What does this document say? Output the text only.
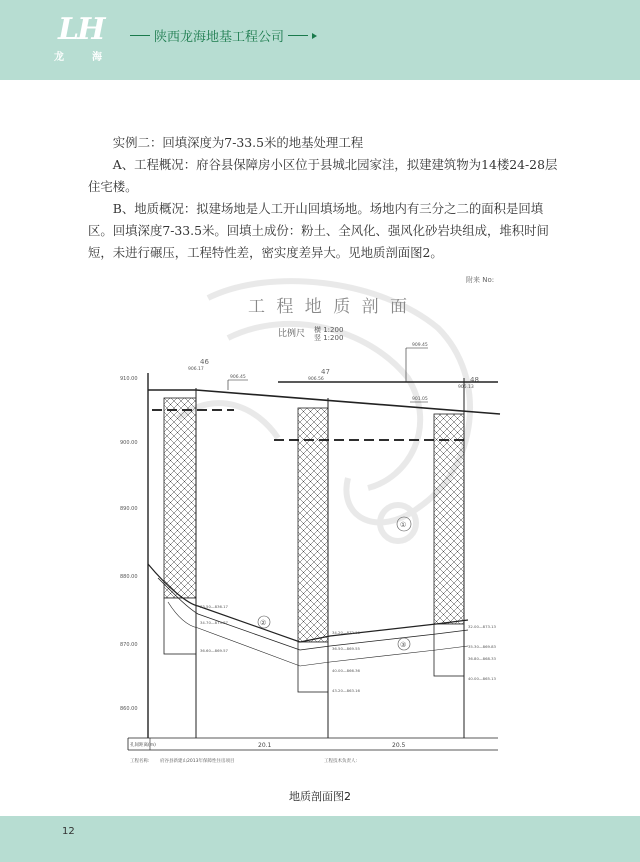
LH
龙	海
陕西龙海地基工程公司

实例二：回填深度为7-33.5米的地基处理工程

A、工程概况：府谷县保障房小区位于县城北园家洼，拟建建筑物为14楼24-28层住宅楼。

B、地质概况：拟建场地是人工开山回填场地。场地内有三分之二的面积是回填区。回填深度7-33.5米。回填土成份：粉土、全风化、强风化砂岩块组成，堆积时间短，未进行碾压，工程特性差，密实度差异大。见地质剖面图2。

附来 No:
工 程 地 质 剖 面
比例尺 横 1:200
竖 1:200
910.00
900.00
890.00
880.00
870.00
860.00
46
906.17	47
906.56	48
905.13
906.45
909.45
901.05
33.50—836.17
34.70—873.87
36.60—869.57
34.20—872.16
36.50—869.55
40.00—866.36
43.20—863.16
32.00—873.13
35.30—869.83
36.80—868.33
40.00—865.13
①
②
③
孔间距离(m)	20.1	20.5
工程名称: 府谷县新建山2013年保障性住房项目	工程技术负责人:
地质剖面图2
12
